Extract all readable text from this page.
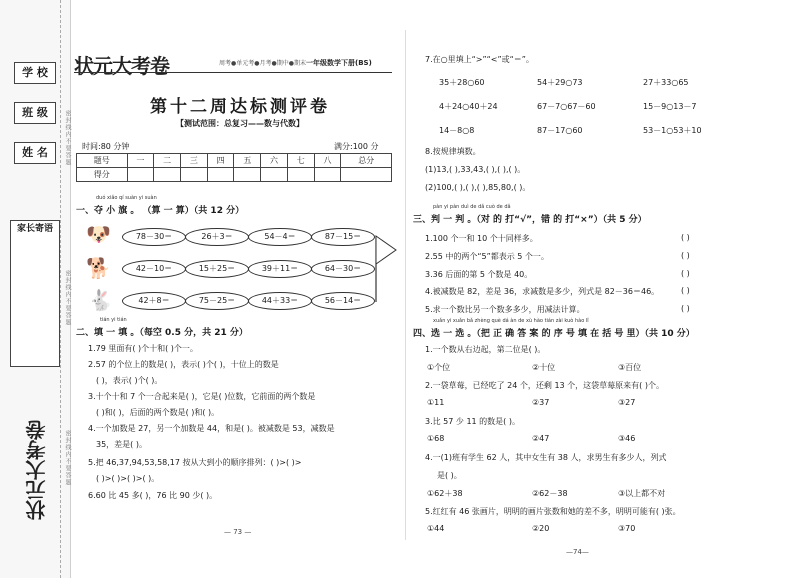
学 校
班 级
姓 名
家长寄语
密封线内不要答题
密封线内不要答题
密封线内不要答题
状元大考卷
状元大考卷	周考●单元考●月考●期中●期末 一年级数学下册(BS)
第十二周达标测评卷
【测试范围：总复习——数与代数】
时间:80 分钟	满分:100 分
题号	一	二	三	四	五	六	七	八	总分
得分									
duó xiǎo qí suàn yi suàn
一、夺 小 旗 。 （算 一 算）（共 12 分）
🐶
🐕
🐇
78－30＝	26＋3＝	54－4＝	87－15＝
42－10＝	15＋25＝	39＋11＝	64－30＝
42＋8＝	75－25＝	44＋33＝	56－14＝
tián yi tián
二、填 一 填 。（每空 0.5 分，共 21 分）
1.79 里面有( )个十和( )个一。
2.57 的个位上的数是( )，表示( )个( )，十位上的数是
( )，表示( )个( )。
3.十个十和 7 个一合起来是( )，它是( )位数，它前面的两个数是
( )和( )，后面的两个数是( )和( )。
4.一个加数是 27，另一个加数是 44，和是( )。被减数是 53，减数是
35，差是( )。
5.把 46,37,94,53,58,17 按从大到小的顺序排列：( )>( )>
( )>( )>( )>( )。
6.60 比 45 多( )，76 比 90 少( )。
— 73 —
7.在○里填上“>”“<”或“＝”。
35＋28○60	54＋29○73	27＋33○65
4＋24○40＋24	67－7○67－60	15－9○13－7
14－8○8	87－17○60	53－1○53＋10
8.按规律填数。
(1)13,( ),33,43,( ),( ),( )。
(2)100,( ),( ),( ),85,80,( )。
pàn yi pàn duì de dǎ cuò de dǎ
三、判 一 判 。（对 的 打“√”，错 的 打“×”）（共 5 分）
1.100 个一和 10 个十同样多。	( )
2.55 中的两个“5”都表示 5 个一。	( )
3.36 后面的第 5 个数是 40。	( )
4.被减数是 82，差是 36，求减数是多少，列式是 82－36＝46。	( )
5.求一个数比另一个数多多少，用减法计算。	( )
xuǎn yi xuǎn bǎ zhèng què dá àn de xù hào tián zài kuò hào lǐ
四、选 一 选 。（把 正 确 答 案 的 序 号 填 在 括 号 里）（共 10 分）
1.一个数从右边起，第二位是( )。
①个位	②十位	③百位
2.一袋草莓，已经吃了 24 个，还剩 13 个，这袋草莓原来有( )个。
①11	②37	③27
3.比 57 少 11 的数是( )。
①68	②47	③46
4.一(1)班有学生 62 人，其中女生有 38 人，求男生有多少人，列式
是( )。
①62＋38	②62－38	③以上都不对
5.红红有 46 张画片，明明的画片张数和她的差不多，明明可能有( )张。
①44	②20	③70
—74—
